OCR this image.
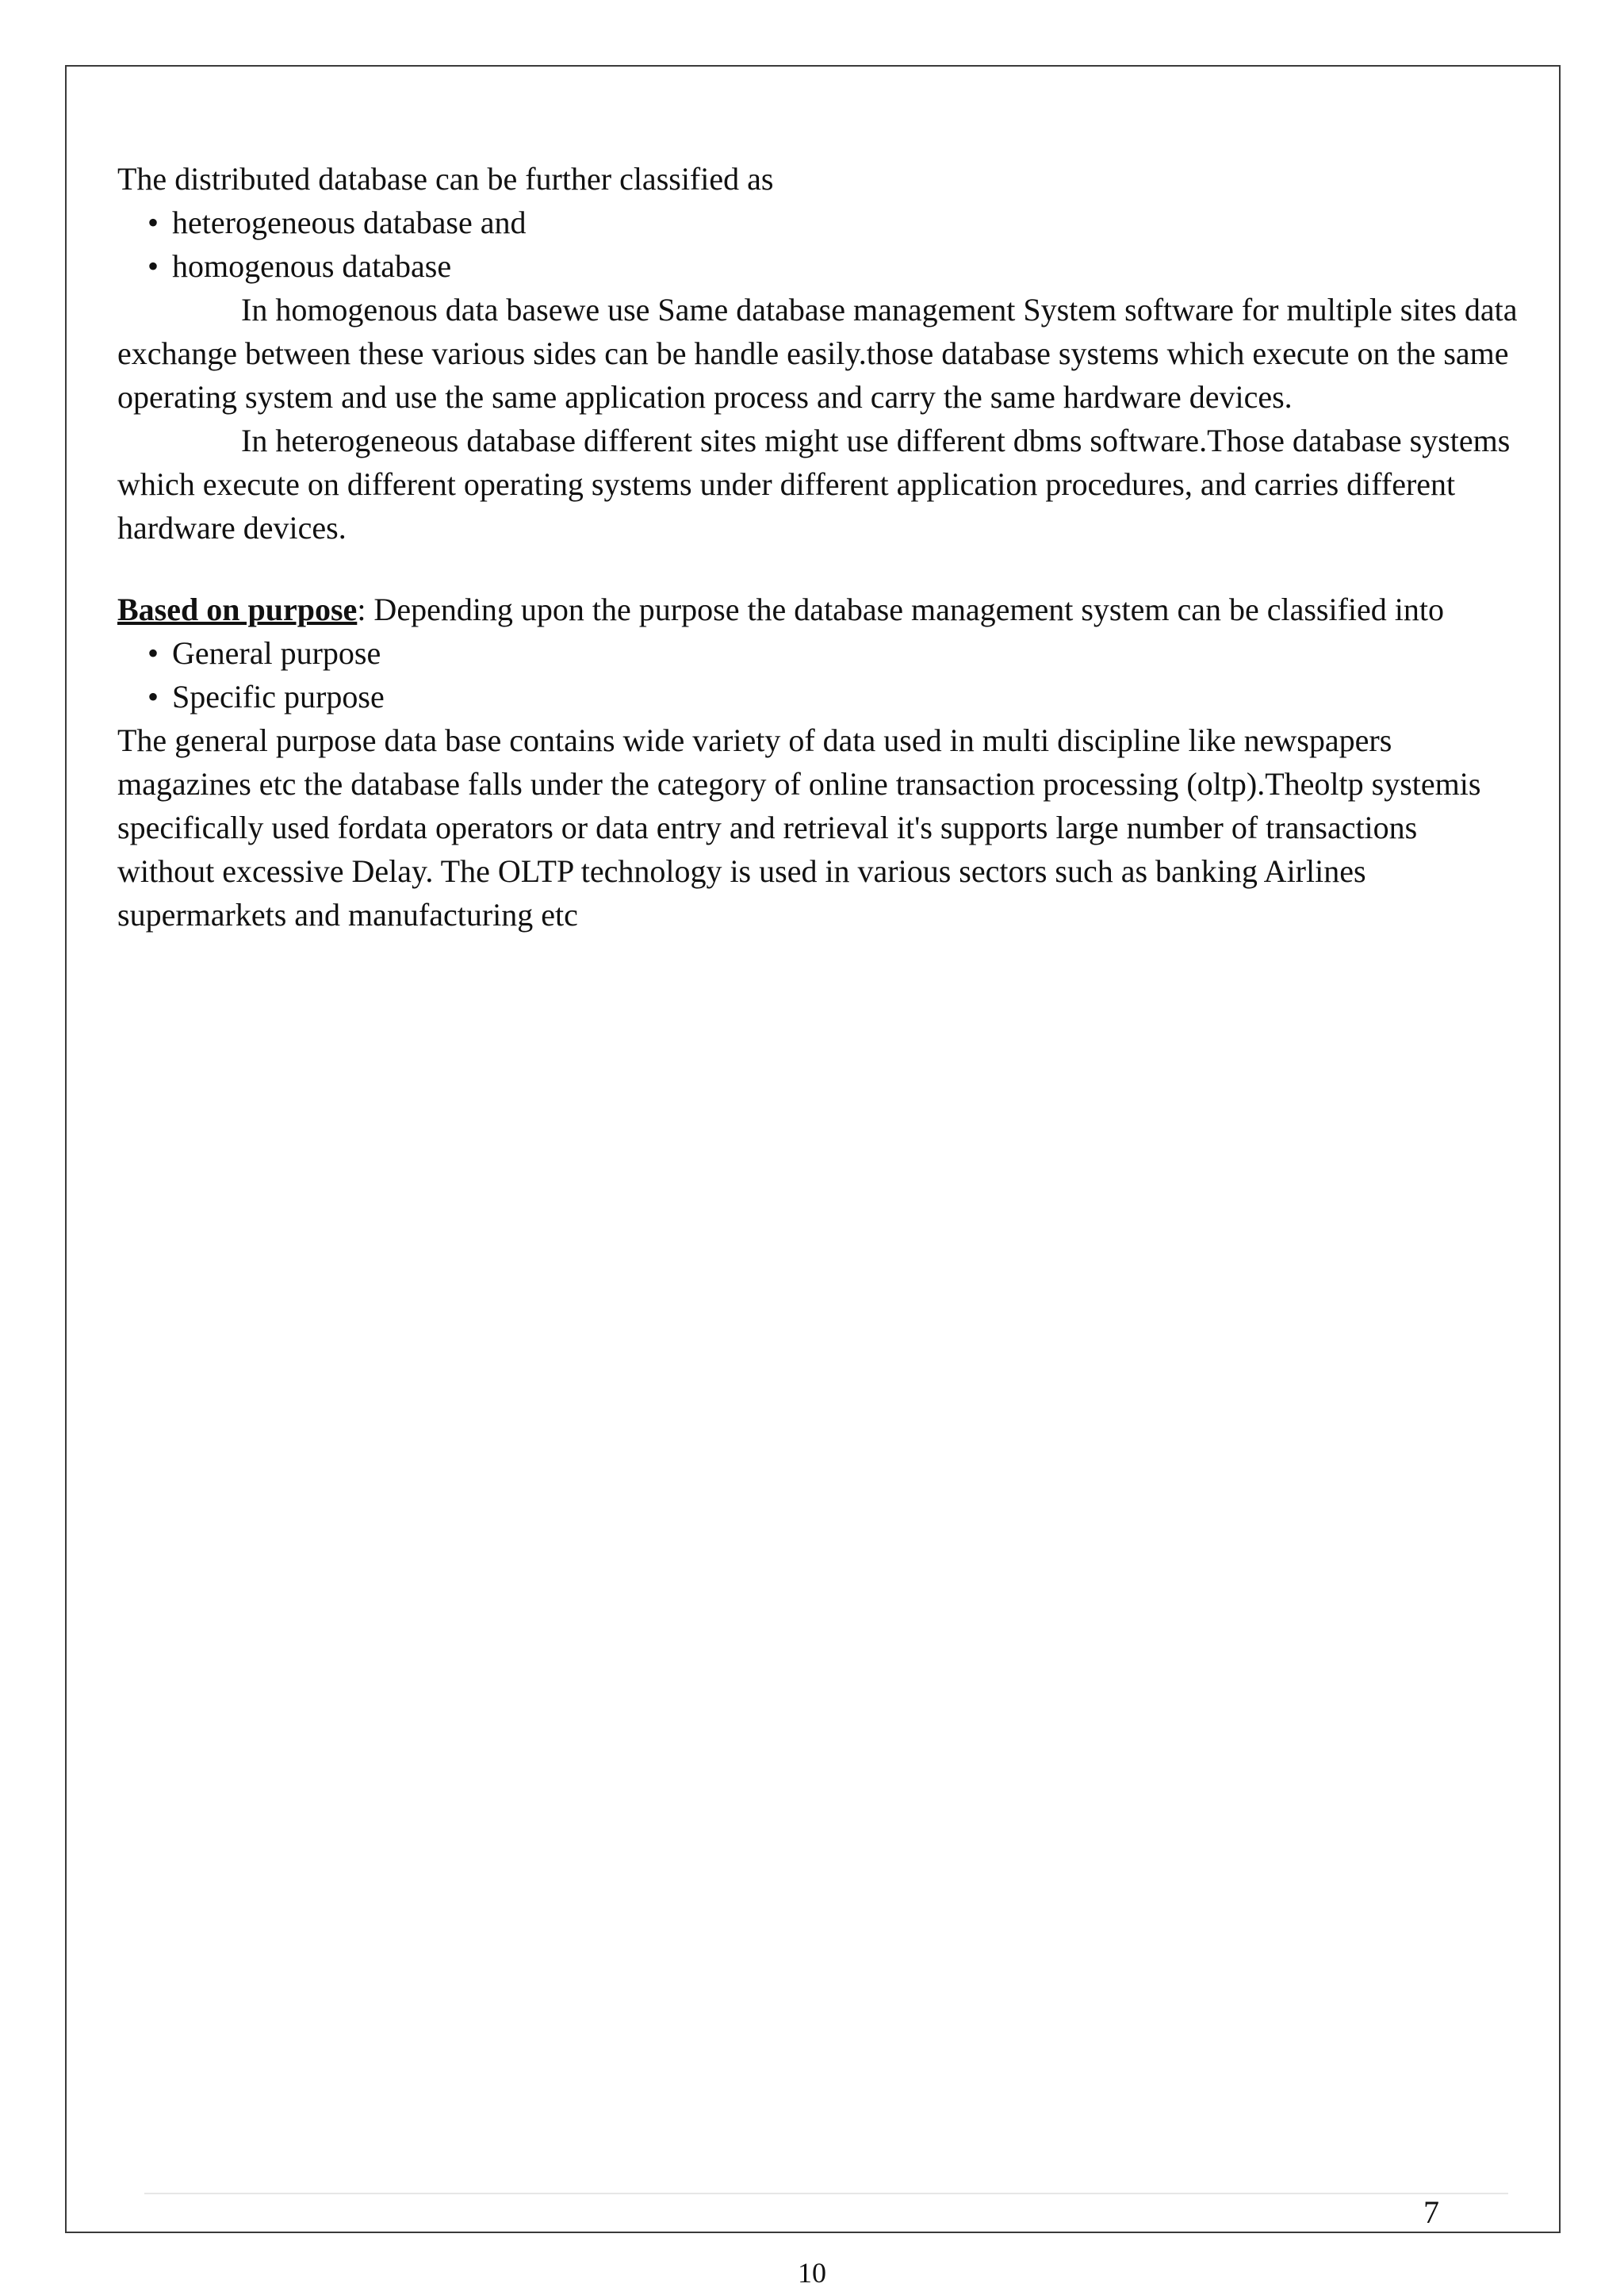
The distributed database can be further classified as

• heterogeneous database and
• homogenous database

In homogenous data basewe use Same database management System software for multiple sites data exchange between these various sides can be handle easily.those database systems which execute on the same operating system and use the same application process and carry the same hardware devices.

In heterogeneous database different sites might use different dbms software.Those database systems which execute on different operating systems under different application procedures, and carries different hardware devices.

Based on purpose: Depending upon the purpose the database management system can be classified into

• General purpose
• Specific purpose

The general purpose data base contains wide variety of data used in multi discipline like newspapers magazines etc the database falls under the category of online transaction processing (oltp).Theoltp systemis specifically used fordata operators or data entry and retrieval it's supports large number of transactions without excessive Delay. The OLTP technology is used in various sectors such as banking Airlines supermarkets and manufacturing etc

7
10
